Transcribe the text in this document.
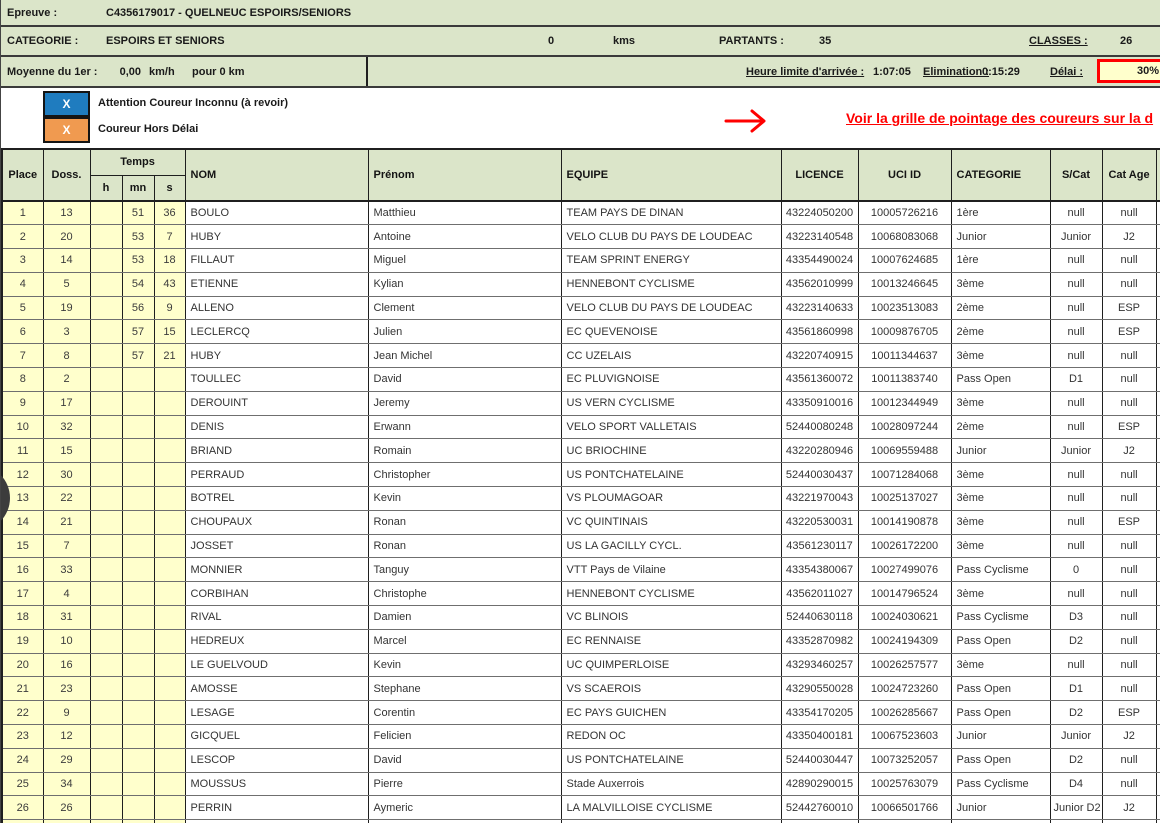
Epreuve :	C4356179017 - QUELNEUC ESPOIRS/SENIORS
CATEGORIE :	ESPOIRS ET SENIORS	0	kms	PARTANTS :	35	CLASSES :	26
Moyenne du 1er :	0,00 km/h pour 0 km	Heure limite d'arrivée : 1:07:05 Elimination :
0:15:29	Délai :	30%
X	Attention Coureur Inconnu (à revoir)
X	Coureur Hors Délai
Voir la grille de pointage des coureurs sur la d
Place	Doss.	Temps			NOM	Prénom	EQUIPE	LICENCE	UCI ID	CATEGORIE	S/Cat	Cat Age	
		h	mn	s									
1	13		51	36	BOULO	Matthieu	TEAM PAYS DE DINAN	43224050200	10005726216	1ère	null	null	
2	20		53	7	HUBY	Antoine	VELO CLUB DU PAYS DE LOUDEAC	43223140548	10068083068	Junior	Junior	J2	
3	14		53	18	FILLAUT	Miguel	TEAM SPRINT ENERGY	43354490024	10007624685	1ère	null	null	
4	5		54	43	ETIENNE	Kylian	HENNEBONT CYCLISME	43562010999	10013246645	3ème	null	null	
5	19		56	9	ALLENO	Clement	VELO CLUB DU PAYS DE LOUDEAC	43223140633	10023513083	2ème	null	ESP	
6	3		57	15	LECLERCQ	Julien	EC QUEVENOISE	43561860998	10009876705	2ème	null	ESP	
7	8		57	21	HUBY	Jean Michel	CC UZELAIS	43220740915	10011344637	3ème	null	null	
8	2				TOULLEC	David	EC PLUVIGNOISE	43561360072	10011383740	Pass Open	D1	null	
9	17				DEROUINT	Jeremy	US VERN CYCLISME	43350910016	10012344949	3ème	null	null	
10	32				DENIS	Erwann	VELO SPORT VALLETAIS	52440080248	10028097244	2ème	null	ESP	
11	15				BRIAND	Romain	UC BRIOCHINE	43220280946	10069559488	Junior	Junior	J2	
12	30				PERRAUD	Christopher	US PONTCHATELAINE	52440030437	10071284068	3ème	null	null	
13	22				BOTREL	Kevin	VS PLOUMAGOAR	43221970043	10025137027	3ème	null	null	
14	21				CHOUPAUX	Ronan	VC QUINTINAIS	43220530031	10014190878	3ème	null	ESP	
15	7				JOSSET	Ronan	US LA GACILLY CYCL.	43561230117	10026172200	3ème	null	null	
16	33				MONNIER	Tanguy	VTT Pays de Vilaine	43354380067	10027499076	Pass Cyclisme	0	null	
17	4				CORBIHAN	Christophe	HENNEBONT CYCLISME	43562011027	10014796524	3ème	null	null	
18	31				RIVAL	Damien	VC BLINOIS	52440630118	10024030621	Pass Cyclisme	D3	null	
19	10				HEDREUX	Marcel	EC RENNAISE	43352870982	10024194309	Pass Open	D2	null	
20	16				LE GUELVOUD	Kevin	UC QUIMPERLOISE	43293460257	10026257577	3ème	null	null	
21	23				AMOSSE	Stephane	VS SCAEROIS	43290550028	10024723260	Pass Open	D1	null	
22	9				LESAGE	Corentin	EC PAYS GUICHEN	43354170205	10026285667	Pass Open	D2	ESP	
23	12				GICQUEL	Felicien	REDON OC	43350400181	10067523603	Junior	Junior	J2	
24	29				LESCOP	David	US PONTCHATELAINE	52440030447	10073252057	Pass Open	D2	null	
25	34				MOUSSUS	Pierre	Stade Auxerrois	42890290015	10025763079	Pass Cyclisme	D4	null	
26	26				PERRIN	Aymeric	LA MALVILLOISE CYCLISME	52442760010	10066501766	Junior	Junior D2	J2	
